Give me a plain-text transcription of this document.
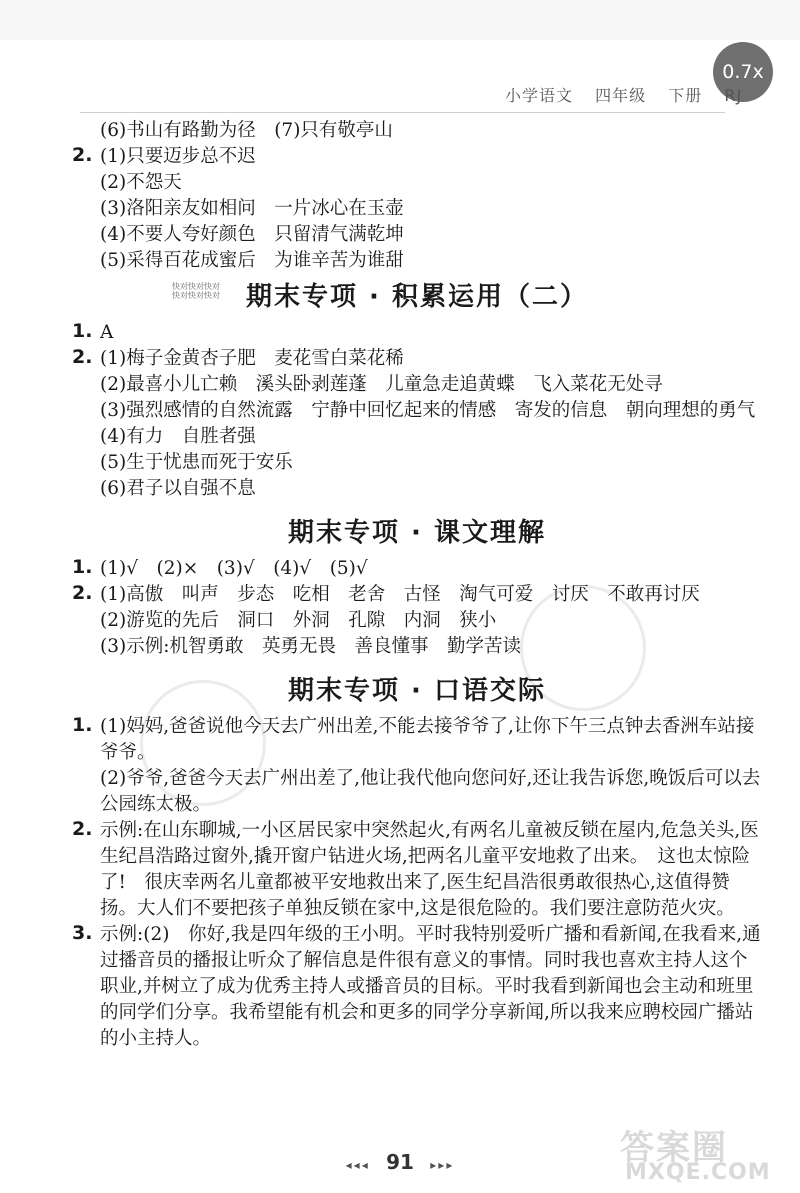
0.7x
小学语文 四年级 下册 RJ
(6)书山有路勤为径　(7)只有敬亭山
2. (1)只要迈步总不迟
(2)不怨天
(3)洛阳亲友如相问　一片冰心在玉壶
(4)不要人夸好颜色　只留清气满乾坤
(5)采得百花成蜜后　为谁辛苦为谁甜
快对快对快对
快对快对快对 期末专项 · 积累运用（二）
1. A
2. (1)梅子金黄杏子肥　麦花雪白菜花稀
(2)最喜小儿亡赖　溪头卧剥莲蓬　儿童急走追黄蝶　飞入菜花无处寻
(3)强烈感情的自然流露　宁静中回忆起来的情感　寄发的信息　朝向理想的勇气
(4)有力　自胜者强
(5)生于忧患而死于安乐
(6)君子以自强不息
期末专项 · 课文理解
1. (1)√　(2)×　(3)√　(4)√　(5)√
2. (1)高傲　叫声　步态　吃相　老舍　古怪　淘气可爱　讨厌　不敢再讨厌
(2)游览的先后　洞口　外洞　孔隙　内洞　狭小
(3)示例:机智勇敢　英勇无畏　善良懂事　勤学苦读
期末专项 · 口语交际
1. (1)妈妈,爸爸说他今天去广州出差,不能去接爷爷了,让你下午三点钟去香洲车站接爷爷。
(2)爷爷,爸爸今天去广州出差了,他让我代他向您问好,还让我告诉您,晚饭后可以去公园练太极。
2. 示例:在山东聊城,一小区居民家中突然起火,有两名儿童被反锁在屋内,危急关头,医生纪昌浩路过窗外,撬开窗户钻进火场,把两名儿童平安地救了出来。　这也太惊险了!　很庆幸两名儿童都被平安地救出来了,医生纪昌浩很勇敢很热心,这值得赞扬。大人们不要把孩子单独反锁在家中,这是很危险的。我们要注意防范火灾。
3. 示例:(2)　你好,我是四年级的王小明。平时我特别爱听广播和看新闻,在我看来,通过播音员的播报让听众了解信息是件很有意义的事情。同时我也喜欢主持人这个职业,并树立了成为优秀主持人或播音员的目标。平时我看到新闻也会主动和班里的同学们分享。我希望能有机会和更多的同学分享新闻,所以我来应聘校园广播站的小主持人。
◂◂◂ 91 ▸▸▸	答案圈
MXQE.COM
